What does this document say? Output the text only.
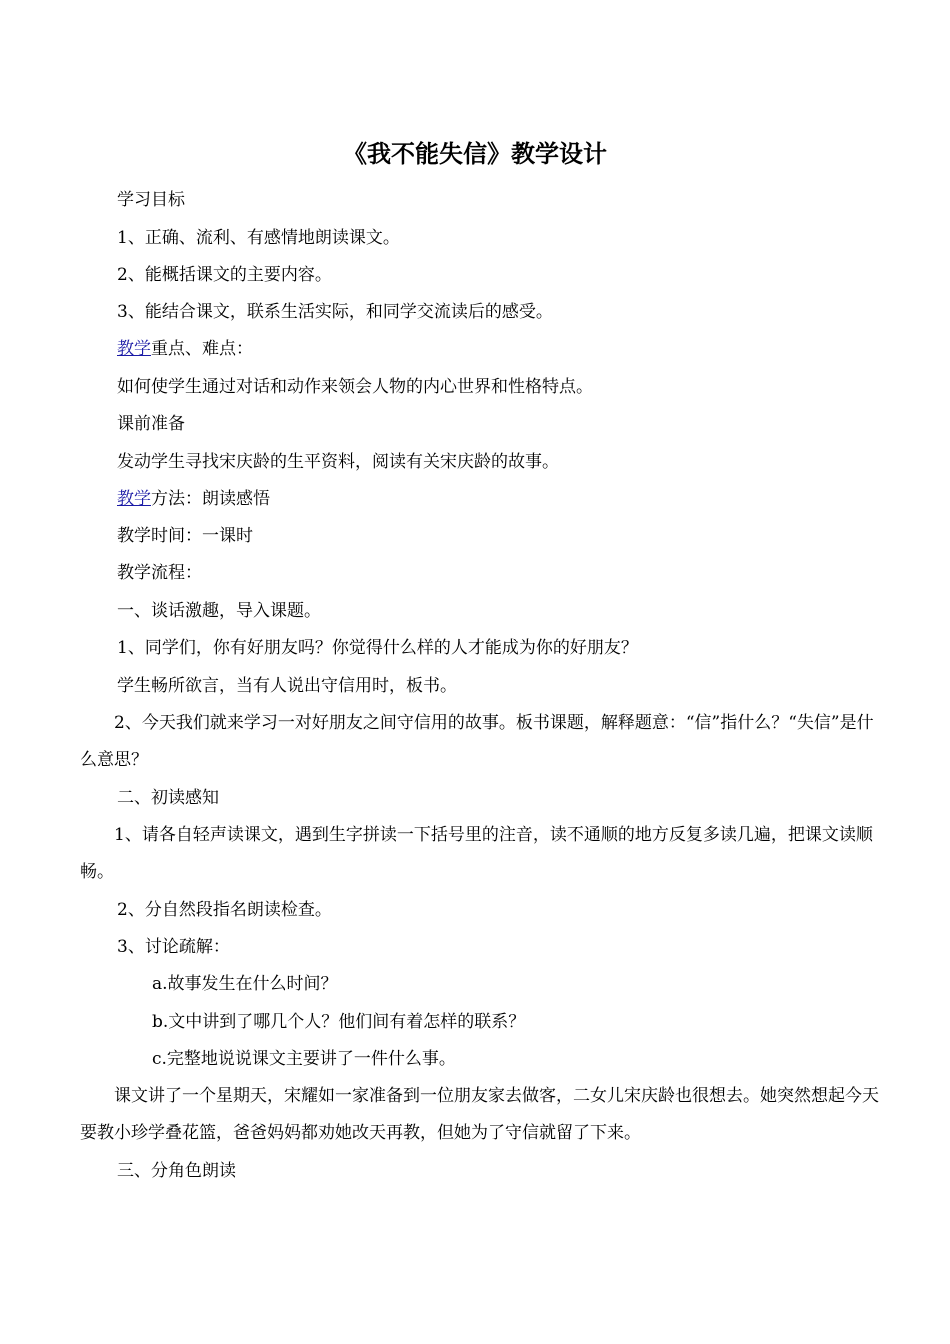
《我不能失信》教学设计
学习目标
1、正确、流利、有感情地朗读课文。
2、能概括课文的主要内容。
3、能结合课文，联系生活实际，和同学交流读后的感受。
教学重点、难点：
如何使学生通过对话和动作来领会人物的内心世界和性格特点。
课前准备
发动学生寻找宋庆龄的生平资料，阅读有关宋庆龄的故事。
教学方法：朗读感悟
教学时间：一课时
教学流程：
一、谈话激趣，导入课题。
1、同学们，你有好朋友吗？你觉得什么样的人才能成为你的好朋友？
学生畅所欲言，当有人说出守信用时，板书。
　　2、今天我们就来学习一对好朋友之间守信用的故事。板书课题，解释题意：“信”指什么？“失信”是什么意思？
二、初读感知
　　1、请各自轻声读课文，遇到生字拼读一下括号里的注音，读不通顺的地方反复多读几遍，把课文读顺畅。
2、分自然段指名朗读检查。
3、讨论疏解：
a.故事发生在什么时间？
b.文中讲到了哪几个人？他们间有着怎样的联系？
c.完整地说说课文主要讲了一件什么事。
　　课文讲了一个星期天，宋耀如一家准备到一位朋友家去做客，二女儿宋庆龄也很想去。她突然想起今天要教小珍学叠花篮，爸爸妈妈都劝她改天再教，但她为了守信就留了下来。
三、分角色朗读
